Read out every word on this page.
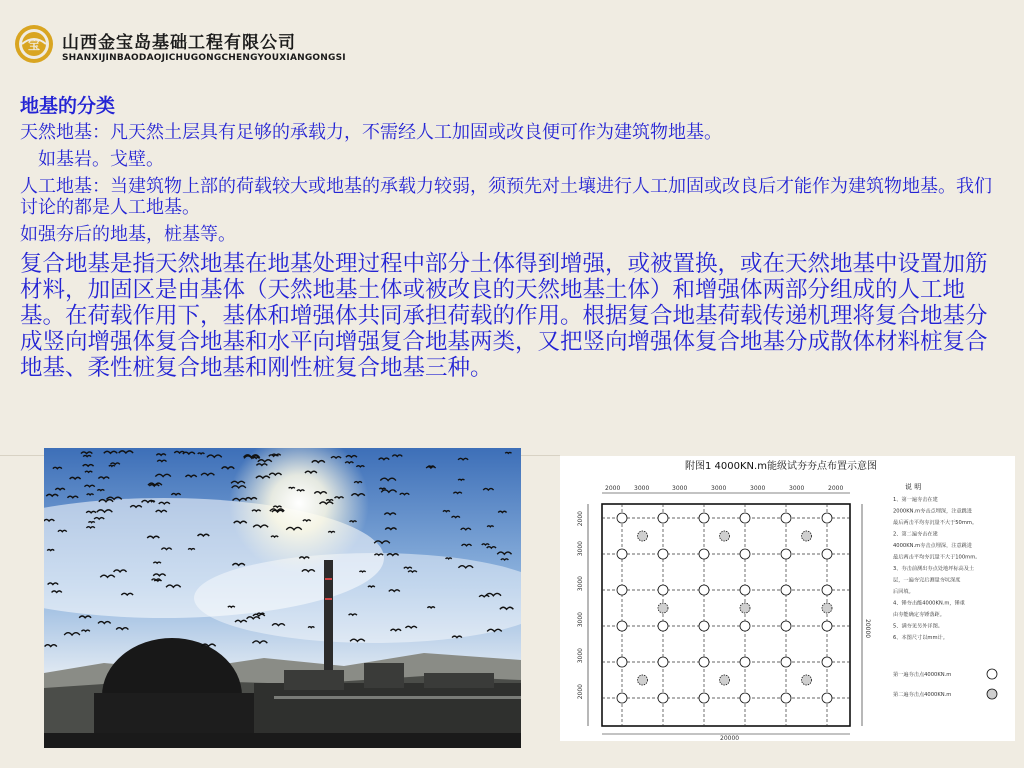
宝 山西金宝岛基础工程有限公司
SHANXIJINBAODAOJICHUGONGCHENGYOUXIANGONGSI
地基的分类

天然地基：凡天然土层具有足够的承载力，不需经人工加固或改良便可作为建筑物地基。

如基岩。戈壁。

人工地基：当建筑物上部的荷载较大或地基的承载力较弱，须预先对土壤进行人工加固或改良后才能作为建筑物地基。我们讨论的都是人工地基。

如强夯后的地基，桩基等。

复合地基是指天然地基在地基处理过程中部分土体得到增强，或被置换，或在天然地基中设置加筋材料，加固区是由基体（天然地基土体或被改良的天然地基土体）和增强体两部分组成的人工地基。在荷载作用下，基体和增强体共同承担荷载的作用。根据复合地基荷载传递机理将复合地基分成竖向增强体复合地基和水平向增强复合地基两类，又把竖向增强体复合地基分成散体材料桩复合地基、柔性桩复合地基和刚性桩复合地基三种。

附图1 4000KN.m能级试夯夯点布置示意图
2000 3000	3000	3000	3000	3000	2000
2000
3000
3000
3000
3000
2000
20000
20000
说 明
1、第一遍夯击在建
2000KN.m夯击点埋深，注意跳进
最后两击平均夯沉量不大于50mm。
2、第二遍夯击在建
4000KN.m夯击点埋深，注意跳进
最后两击平均夯沉量不大于100mm。
3、夯击前测出夯点处地坪标高及土
层，一遍夯完后测量夯坑深度
后回填。
4、锤夯击能4000KN.m，锤重
由夯能确定夯锤落距。
5、满夯见另外详图。
6、本图尺寸以mm计。
第一遍夯击点4000KN.m
第二遍夯击点4000KN.m
